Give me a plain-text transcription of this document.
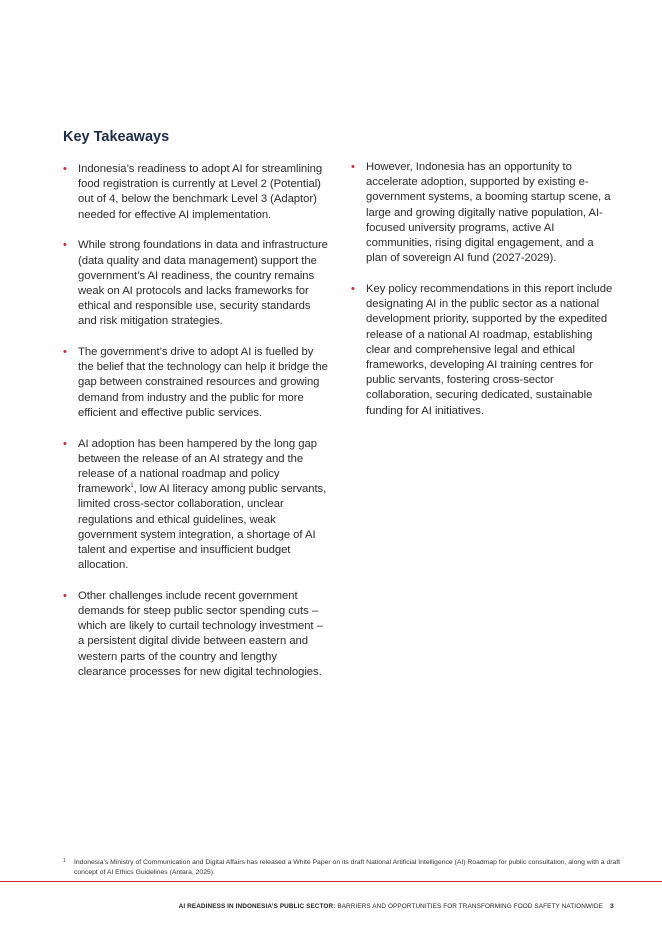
Key Takeaways
• Indonesia’s readiness to adopt AI for streamlining food registration is currently at Level 2 (Potential) out of 4, below the benchmark Level 3 (Adaptor) needed for effective AI implementation.

• While strong foundations in data and infrastructure (data quality and data management) support the government’s AI readiness, the country remains weak on AI protocols and lacks frameworks for ethical and responsible use, security standards and risk mitigation strategies.

• The government’s drive to adopt AI is fuelled by the belief that the technology can help it bridge the gap between constrained resources and growing demand from industry and the public for more efficient and effective public services.

• AI adoption has been hampered by the long gap between the release of an AI strategy and the release of a national roadmap and policy framework$^1$, low AI literacy among public servants, limited cross-sector collaboration, unclear regulations and ethical guidelines, weak government system integration, a shortage of AI talent and expertise and insufficient budget allocation.

• Other challenges include recent government demands for steep public sector spending cuts – which are likely to curtail technology investment – a persistent digital divide between eastern and western parts of the country and lengthy clearance processes for new digital technologies.

• However, Indonesia has an opportunity to accelerate adoption, supported by existing e-government systems, a booming startup scene, a large and growing digitally native population, AI-focused university programs, active AI communities, rising digital engagement, and a plan of sovereign AI fund (2027-2029).

• Key policy recommendations in this report include designating AI in the public sector as a national development priority, supported by the expedited release of a national AI roadmap, establishing clear and comprehensive legal and ethical frameworks, developing AI training centres for public servants, fostering cross-sector collaboration, securing dedicated, sustainable funding for AI initiatives.

1 Indonesia’s Ministry of Communication and Digital Affairs has released a White Paper on its draft National Artificial Intelligence (AI) Roadmap for public consultation, along with a draft concept of AI Ethics Guidelines (Antara, 2025).

AI READINESS IN INDONESIA’S PUBLIC SECTOR: BARRIERS AND OPPORTUNITIES FOR TRANSFORMING FOOD SAFETY NATIONWIDE 3
